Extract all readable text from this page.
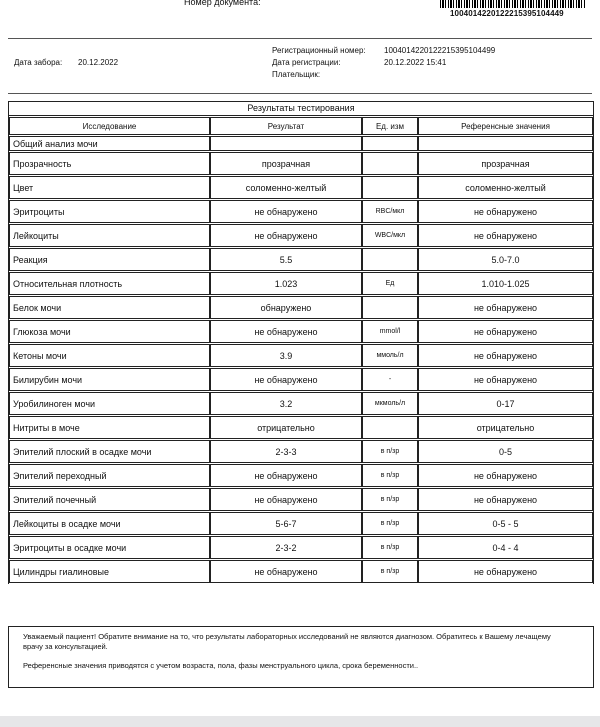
Номер документа:
1004014220122215395104449
Дата забора: 20.12.2022
Регистрационный номер: 1004014220122215395104499
Дата регистрации:	20.12.2022 15:41
Плательщик:
Результаты тестирования
Исследование	Результат	Ед. изм	Референсные значения
Общий анализ мочи			
Прозрачность	прозрачная		прозрачная
Цвет	соломенно-желтый		соломенно-желтый
Эритроциты	не обнаружено	RBC/мкл	не обнаружено
Лейкоциты	не обнаружено	WBC/мкл	не обнаружено
Реакция	5.5		5.0-7.0
Относительная плотность	1.023	Ед	1.010-1.025
Белок мочи	обнаружено		не обнаружено
Глюкоза мочи	не обнаружено	mmol/l	не обнаружено
Кетоны мочи	3.9	ммоль/л	не обнаружено
Билирубин мочи	не обнаружено	-	не обнаружено
Уробилиноген мочи	3.2	мкмоль/л	0-17
Нитриты в моче	отрицательно		отрицательно
Эпителий плоский в осадке мочи	2-3-3	в п/зр	0-5
Эпителий переходный	не обнаружено	в п/зр	не обнаружено
Эпителий почечный	не обнаружено	в п/зр	не обнаружено
Лейкоциты в осадке мочи	5-6-7	в п/зр	0-5 - 5
Эритроциты в осадке мочи	2-3-2	в п/зр	0-4 - 4
Цилиндры гиалиновые	не обнаружено	в п/зр	не обнаружено

Уважаемый пациент! Обратите внимание на то, что результаты лабораторных исследований не являются диагнозом. Обратитесь к Вашему лечащему врачу за консультацией.

Референсные значения приводятся с учетом возраста, пола, фазы менструального цикла, срока беременности..
